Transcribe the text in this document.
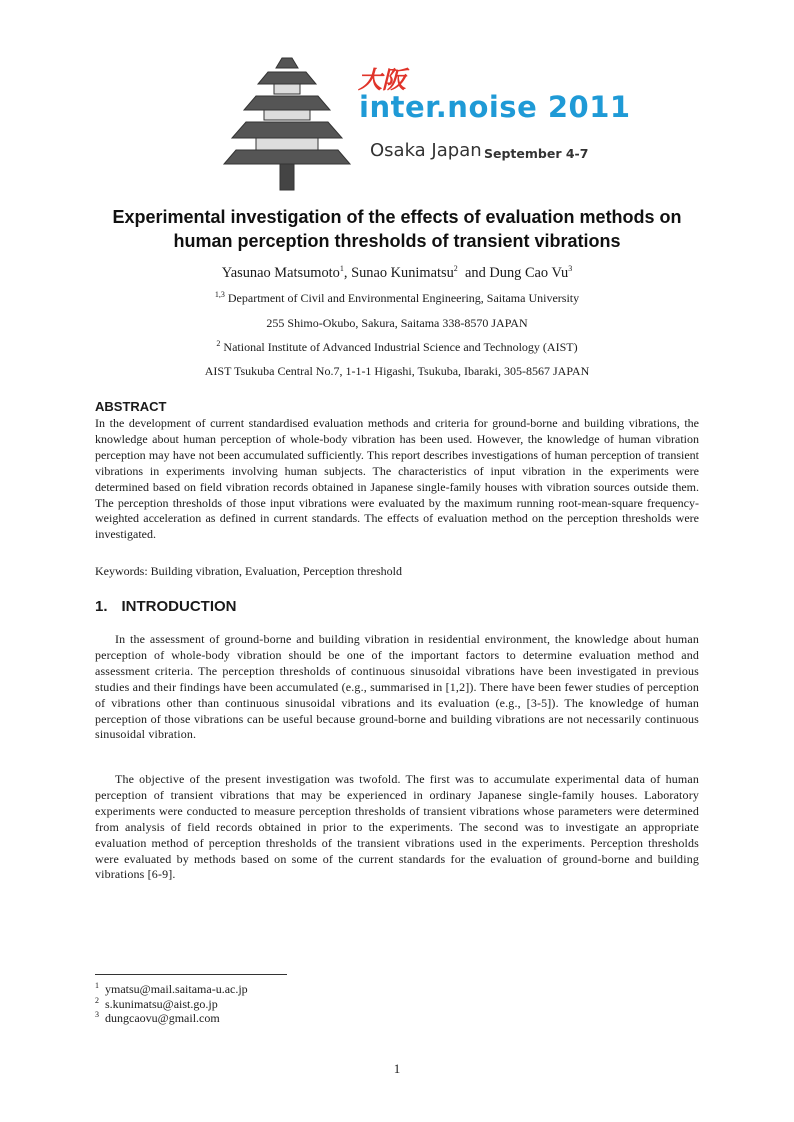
大阪
inter.noise 2011
Osaka Japan September 4-7
Experimental investigation of the effects of evaluation methods on
human perception thresholds of transient vibrations
Yasunao Matsumoto$^1$, Sunao Kunimatsu$^2$  and Dung Cao Vu$^3$
$^{1,3}$ Department of Civil and Environmental Engineering, Saitama University
255 Shimo-Okubo, Sakura, Saitama 338-8570 JAPAN
$^2$ National Institute of Advanced Industrial Science and Technology (AIST)
AIST Tsukuba Central No.7, 1-1-1 Higashi, Tsukuba, Ibaraki, 305-8567 JAPAN
ABSTRACT
In the development of current standardised evaluation methods and criteria for ground-borne and building vibrations, the knowledge about human perception of whole-body vibration has been used. However, the knowledge of human vibration perception may have not been accumulated sufficiently. This report describes investigations of human perception of transient vibrations in experiments involving human subjects. The characteristics of input vibration in the experiments were determined based on field vibration records obtained in Japanese single-family houses with vibration sources outside them. The perception thresholds of those input vibrations were evaluated by the maximum running root-mean-square frequency-weighted acceleration as defined in current standards. The effects of evaluation method on the perception thresholds were investigated.
Keywords: Building vibration, Evaluation, Perception threshold
1. INTRODUCTION
In the assessment of ground-borne and building vibration in residential environment, the knowledge about human perception of whole-body vibration should be one of the important factors to determine evaluation method and assessment criteria. The perception thresholds of continuous sinusoidal vibrations have been investigated in previous studies and their findings have been accumulated (e.g., summarised in [1,2]). There have been fewer studies of perception of vibrations other than continuous sinusoidal vibrations and its evaluation (e.g., [3-5]). The knowledge of human perception of those vibrations can be useful because ground-borne and building vibrations are not necessarily continuous sinusoidal vibration.
The objective of the present investigation was twofold. The first was to accumulate experimental data of human perception of transient vibrations that may be experienced in ordinary Japanese single-family houses. Laboratory experiments were conducted to measure perception thresholds of transient vibrations whose parameters were determined from analysis of field records obtained in prior to the experiments. The second was to investigate an appropriate evaluation method of perception thresholds of the transient vibrations used in the experiments. Perception thresholds were evaluated by methods based on some of the current standards for the evaluation of ground-borne and building vibrations [6-9].
$^1$ ymatsu@mail.saitama-u.ac.jp
$^2$ s.kunimatsu@aist.go.jp
$^3$ dungcaovu@gmail.com
1
